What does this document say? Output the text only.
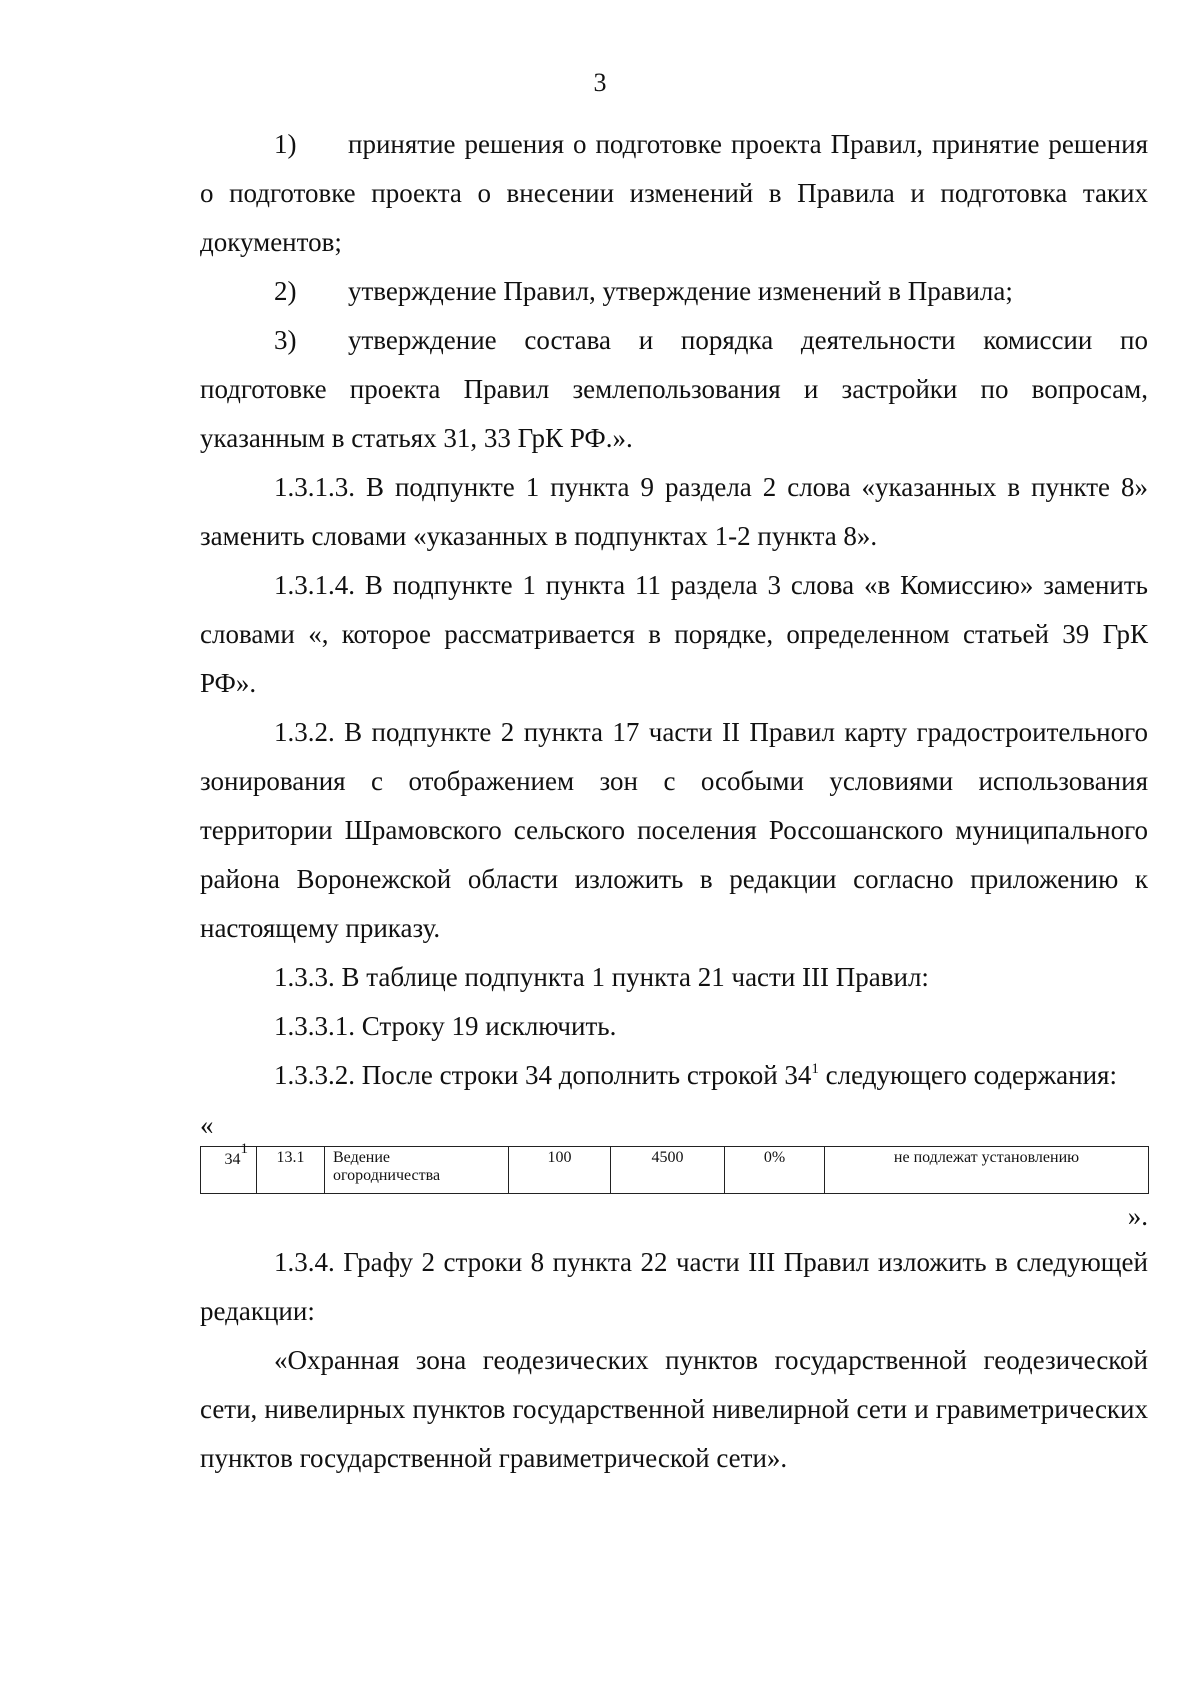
3

1) принятие решения о подготовке проекта Правил, принятие решения о подготовке проекта о внесении изменений в Правила и подготовка таких документов;

2) утверждение Правил, утверждение изменений в Правила;

3) утверждение состава и порядка деятельности комиссии по подготовке проекта Правил землепользования и застройки по вопросам, указанным в статьях 31, 33 ГрК РФ.».

1.3.1.3. В подпункте 1 пункта 9 раздела 2 слова «указанных в пункте 8» заменить словами «указанных в подпунктах 1-2 пункта 8».

1.3.1.4. В подпункте 1 пункта 11 раздела 3 слова «в Комиссию» заменить словами «, которое рассматривается в порядке, определенном статьей 39 ГрК РФ».

1.3.2. В подпункте 2 пункта 17 части II Правил карту градостроительного зонирования с отображением зон с особыми условиями использования территории Шрамовского сельского поселения Россошанского муниципального района Воронежской области изложить в редакции согласно приложению к настоящему приказу.

1.3.3. В таблице подпункта 1 пункта 21 части III Правил:

1.3.3.1. Строку 19 исключить.

1.3.3.2. После строки 34 дополнить строкой $34^1$ следующего содержания:

«
$34^1$	13.1	Ведение огородничества	100	4500	0%	не подлежат установлению
».

1.3.4. Графу 2 строки 8 пункта 22 части III Правил изложить в следующей редакции:

«Охранная зона геодезических пунктов государственной геодезической сети, нивелирных пунктов государственной нивелирной сети и гравиметрических пунктов государственной гравиметрической сети».
